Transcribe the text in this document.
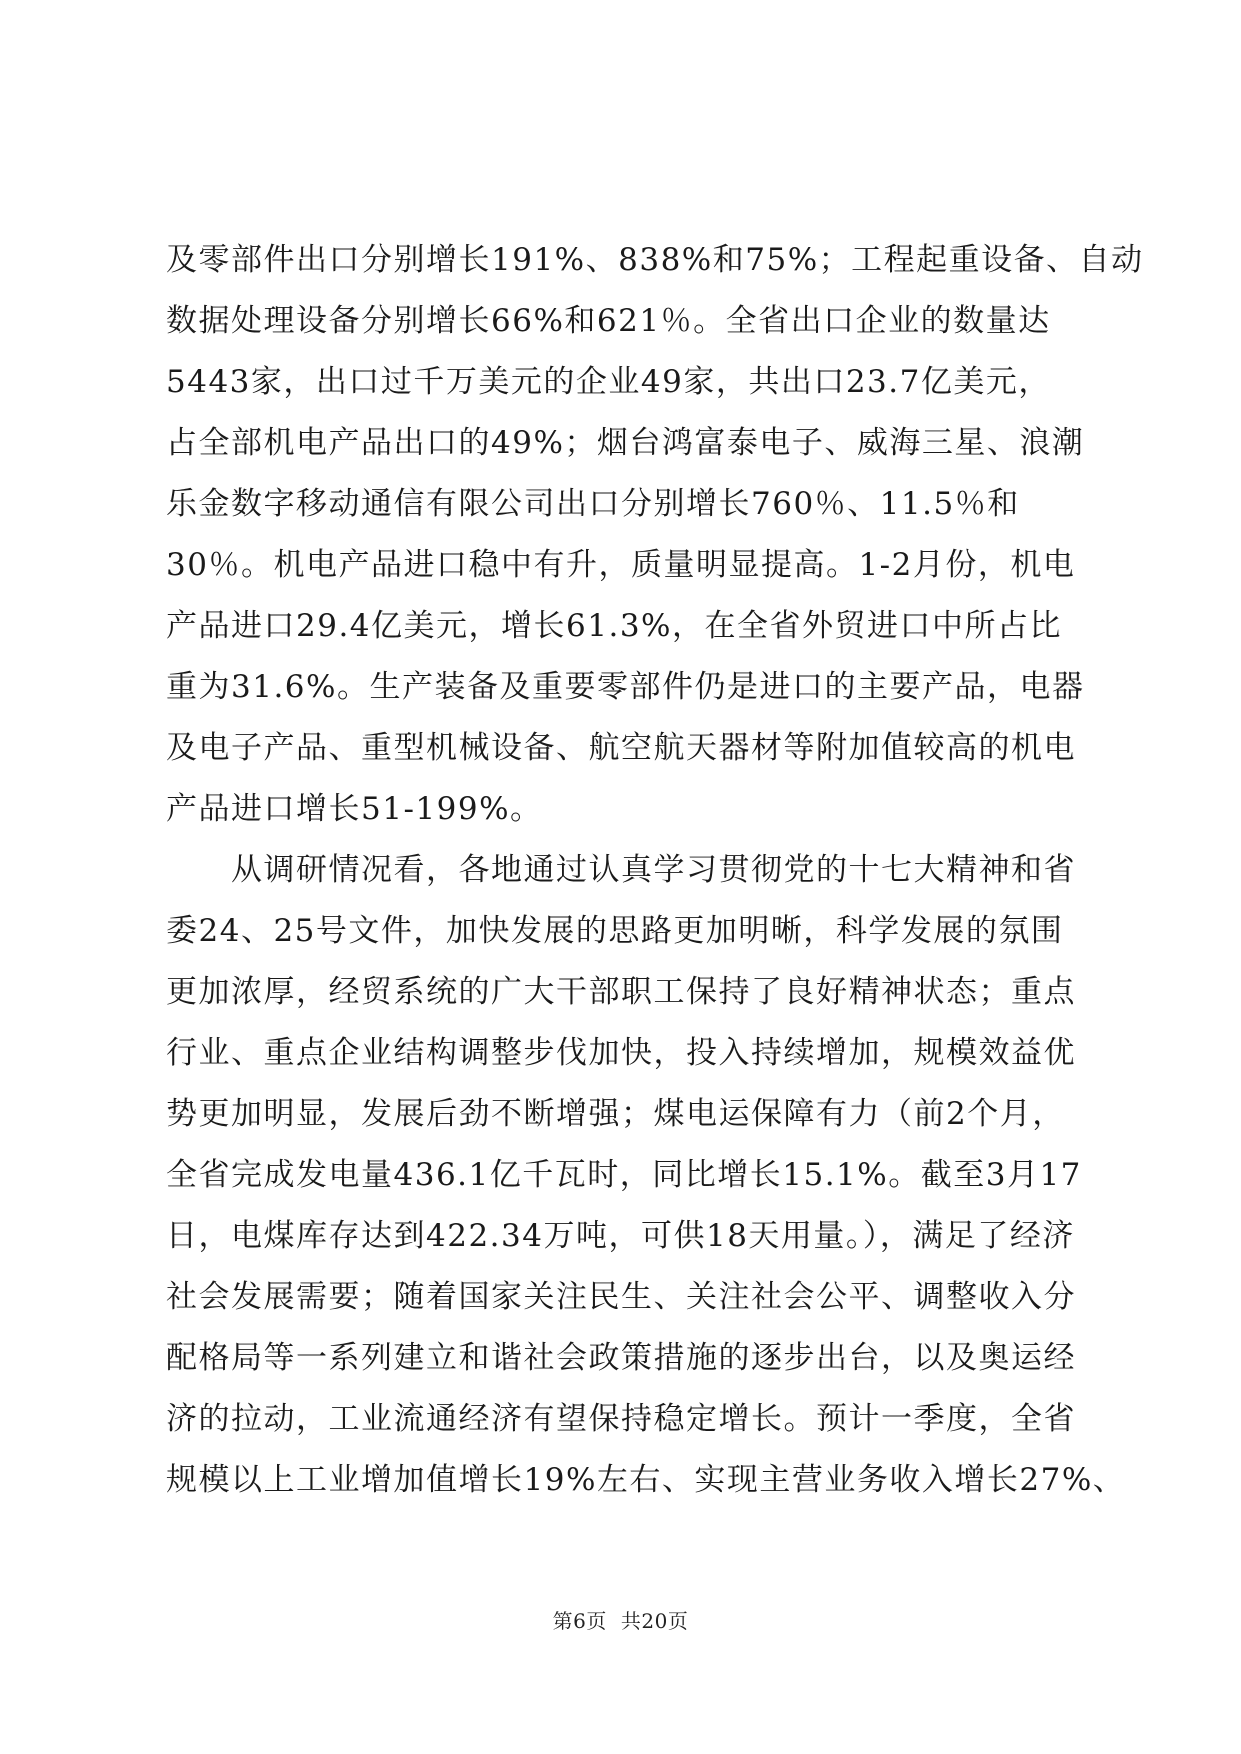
及零部件出口分别增长191%、838%和75%；工程起重设备、自动
数据处理设备分别增长66%和621％。全省出口企业的数量达
5443家，出口过千万美元的企业49家，共出口23.7亿美元，
占全部机电产品出口的49%；烟台鸿富泰电子、威海三星、浪潮
乐金数字移动通信有限公司出口分别增长760％、11.5％和
30％。机电产品进口稳中有升，质量明显提高。1-2月份，机电
产品进口29.4亿美元，增长61.3%，在全省外贸进口中所占比
重为31.6%。生产装备及重要零部件仍是进口的主要产品，电器
及电子产品、重型机械设备、航空航天器材等附加值较高的机电
产品进口增长51-199%。
　　从调研情况看，各地通过认真学习贯彻党的十七大精神和省
委24、25号文件，加快发展的思路更加明晰，科学发展的氛围
更加浓厚，经贸系统的广大干部职工保持了良好精神状态；重点
行业、重点企业结构调整步伐加快，投入持续增加，规模效益优
势更加明显，发展后劲不断增强；煤电运保障有力（前2个月，
全省完成发电量436.1亿千瓦时，同比增长15.1%。截至3月17
日，电煤库存达到422.34万吨，可供18天用量。），满足了经济
社会发展需要；随着国家关注民生、关注社会公平、调整收入分
配格局等一系列建立和谐社会政策措施的逐步出台，以及奥运经
济的拉动，工业流通经济有望保持稳定增长。预计一季度，全省
规模以上工业增加值增长19%左右、实现主营业务收入增长27%、
第6页 共20页
